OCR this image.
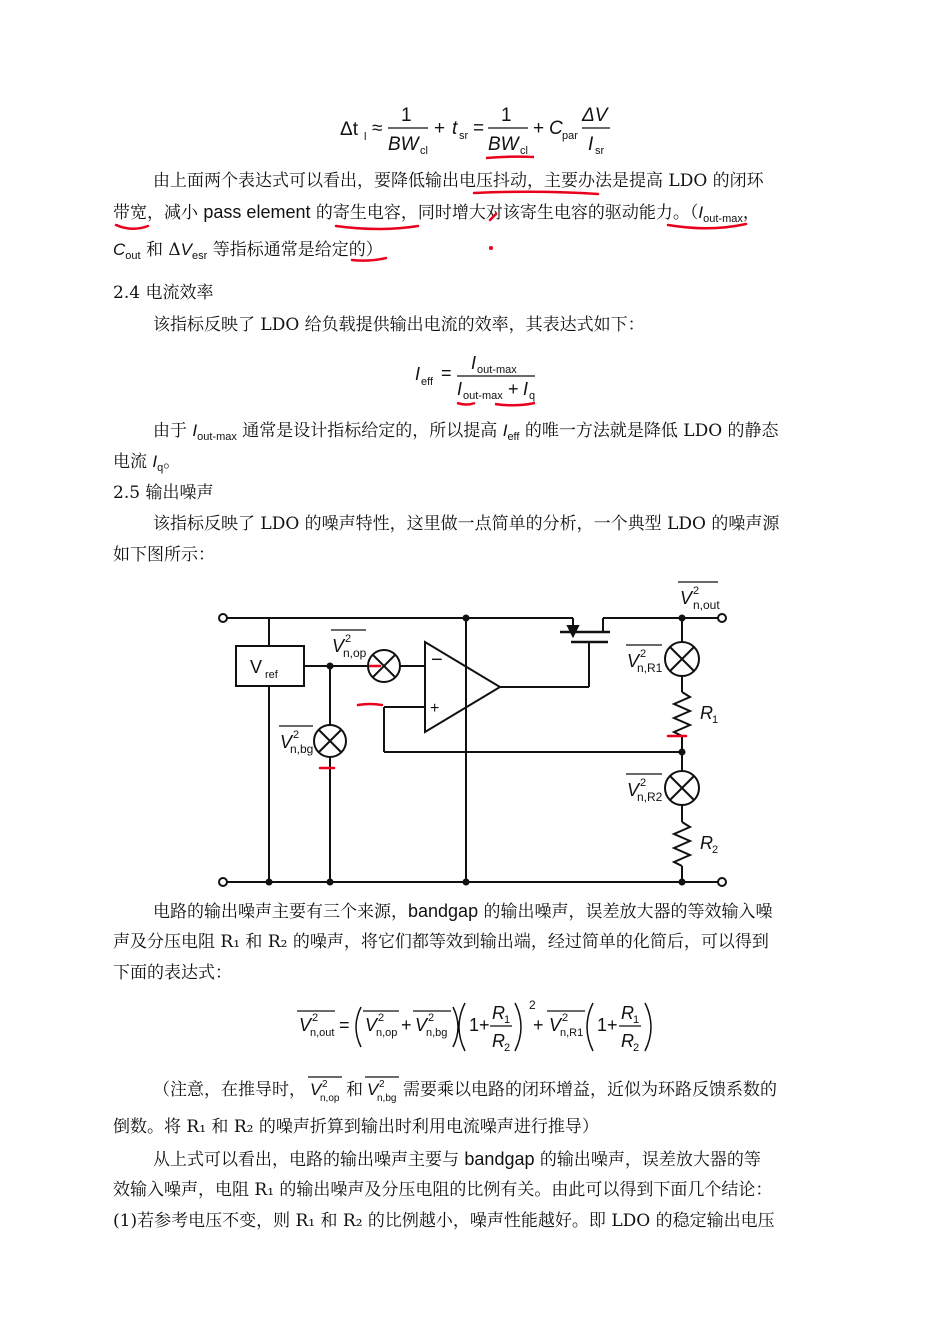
Δt l ≈
1
BW cl
+ t sr =
1
BW cl
+ C par
ΔV
I sr
由上面两个表达式可以看出，要降低输出电压抖动，主要办法是提高 LDO 的闭环
带宽，减小 pass element 的寄生电容，同时增大对该寄生电容的驱动能力。（$I_{out-max}$，
$C_{out}$ 和 $\Delta V_{esr}$ 等指标通常是给定的）
2.4 电流效率
该指标反映了 LDO 给负载提供输出电流的效率，其表达式如下：
I eff = I out-max
I out-max + I q
由于 $I_{out-max}$ 通常是设计指标给定的，所以提高 $I_{eff}$ 的唯一方法就是降低 LDO 的静态
电流 $I_q$。
2.5 输出噪声
该指标反映了 LDO 的噪声特性，这里做一点简单的分析，一个典型 LDO 的噪声源
如下图所示：
V ref
−
+
V 2
n,out
V 2
n,op
V 2
n,bg
V 2
n,R1
V 2
n,R2
R 1
R 2
电路的输出噪声主要有三个来源，bandgap 的输出噪声，误差放大器的等效输入噪
声及分压电阻 R₁ 和 R₂ 的噪声，将它们都等效到输出端，经过简单的化简后，可以得到
下面的表达式：
V 2
n,out = V 2
n,op + V 2
n,bg 1+
R 1
R 2
2
+ V 2
n,R1 1+
R 1
R 2
（注意，在推导时， V 2
n,op 和 V 2
n,bg 需要乘以电路的闭环增益，近似为环路反馈系数的
倒数。将 R₁ 和 R₂ 的噪声折算到输出时利用电流噪声进行推导）
从上式可以看出，电路的输出噪声主要与 bandgap 的输出噪声，误差放大器的等
效输入噪声，电阻 R₁ 的输出噪声及分压电阻的比例有关。由此可以得到下面几个结论：
(1)若参考电压不变，则 R₁ 和 R₂ 的比例越小，噪声性能越好。即 LDO 的稳定输出电压
